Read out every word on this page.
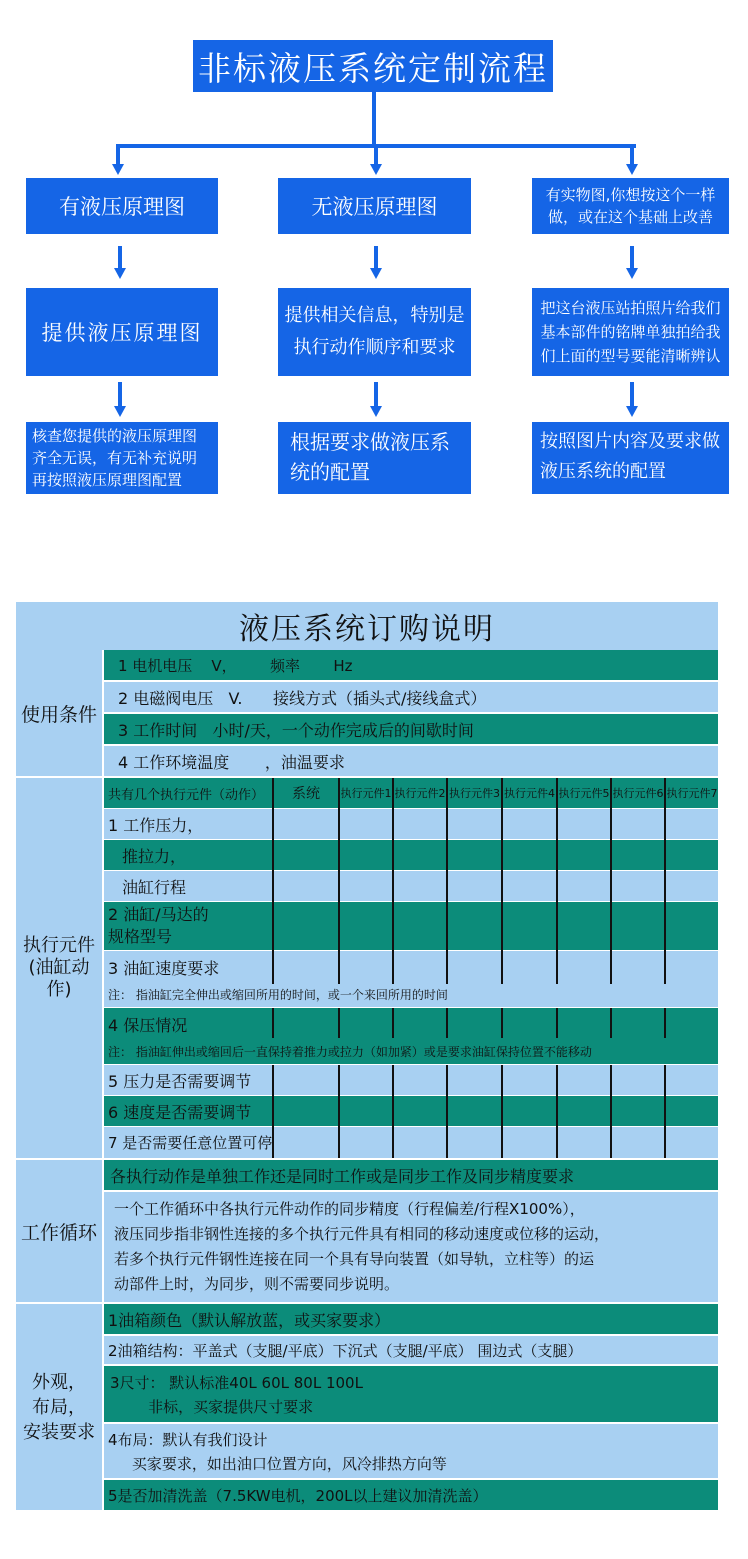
非标液压系统定制流程
有液压原理图	无液压原理图	有实物图,你想按这个一样
做，或在这个基础上改善
提供液压原理图
提供相关信息，特别是
执行动作顺序和要求
把这台液压站拍照片给我们
基本部件的铭牌单独拍给我
们上面的型号要能清晰辨认
核查您提供的液压原理图
齐全无误，有无补充说明
再按照液压原理图配置
根据要求做液压系
统的配置
按照图片内容及要求做
液压系统的配置
液压系统订购说明
使用条件
1 电机电压    V，       频率       Hz
2 电磁阀电压   V.      接线方式（插头式/接线盒式）
3 工作时间   小时/天，一个动作完成后的间歇时间
4 工作环境温度       ，油温要求
执行元件
(油缸动作)
共有几个执行元件（动作）	系统	执行元件1 执行元件2 执行元件3 执行元件4 执行元件5 执行元件6 执行元件7
1 工作压力，
推拉力，
油缸行程
2 油缸/马达的
规格型号
3 油缸速度要求
注： 指油缸完全伸出或缩回所用的时间，或一个来回所用的时间
4 保压情况
注： 指油缸伸出或缩回后一直保持着推力或拉力（如加紧）或是要求油缸保持位置不能移动
5 压力是否需要调节
6 速度是否需要调节
7 是否需要任意位置可停
工作循环
各执行动作是单独工作还是同时工作或是同步工作及同步精度要求
一个工作循环中各执行元件动作的同步精度（行程偏差/行程X100%），
液压同步指非钢性连接的多个执行元件具有相同的移动速度或位移的运动，
若多个执行元件钢性连接在同一个具有导向装置（如导轨，立柱等）的运
动部件上时，为同步，则不需要同步说明。
外观，
布局，
安装要求
1油箱颜色（默认解放蓝，或买家要求）
2油箱结构：平盖式（支腿/平底）下沉式（支腿/平底） 围边式（支腿）
3尺寸： 默认标准40L 60L 80L 100L
非标，买家提供尺寸要求
4布局：默认有我们设计
买家要求，如出油口位置方向，风冷排热方向等
5是否加清洗盖（7.5KW电机，200L以上建议加清洗盖）
